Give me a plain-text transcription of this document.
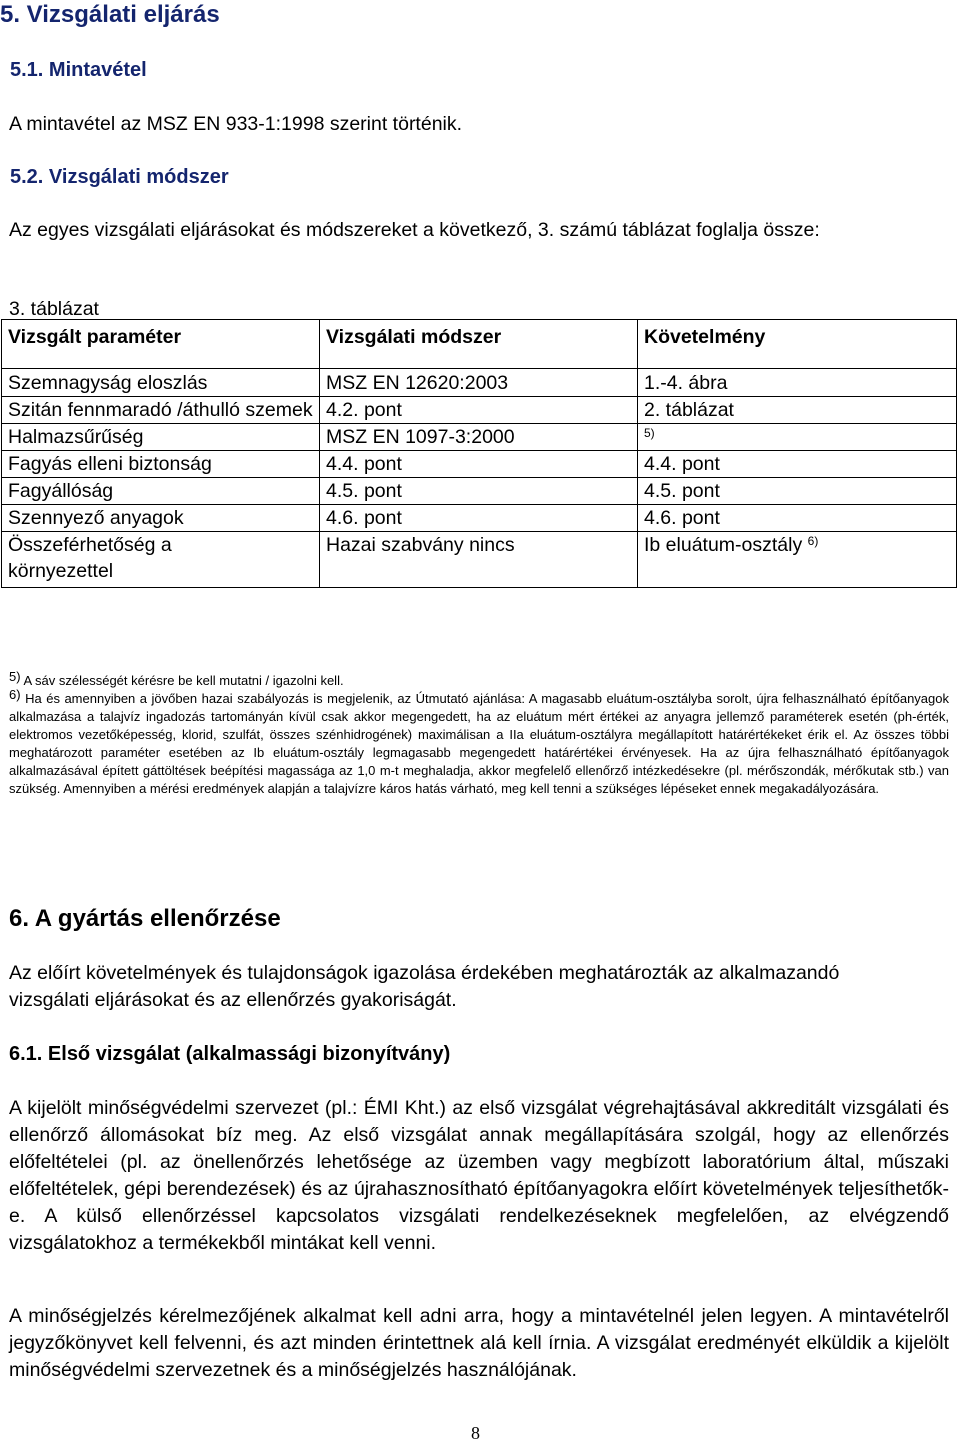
5. Vizsgálati eljárás
5.1. Mintavétel

A mintavétel az MSZ EN 933-1:1998 szerint történik.

5.2. Vizsgálati módszer

Az egyes vizsgálati eljárásokat és módszereket a következő, 3. számú táblázat foglalja össze:

3. táblázat

Vizsgált paraméter	Vizsgálati módszer	Követelmény
Szemnagyság eloszlás	MSZ EN 12620:2003	1.-4. ábra
Szitán fennmaradó /áthulló szemek	4.2. pont	2. táblázat
Halmazsűrűség	MSZ EN 1097-3:2000	$^{5)}$
Fagyás elleni biztonság	4.4. pont	4.4. pont
Fagyállóság	4.5. pont	4.5. pont
Szennyező anyagok	4.6. pont	4.6. pont
Összeférhetőség a környezettel	Hazai szabvány nincs	Ib eluátum-osztály $^{6)}$

$^{5)}$ A sáv szélességét kérésre be kell mutatni / igazolni kell.

$^{6)}$ Ha és amennyiben a jövőben hazai szabályozás is megjelenik, az Útmutató ajánlása: A magasabb eluátum-osztályba sorolt, újra felhasználható építőanyagok alkalmazása a talajvíz ingadozás tartományán kívül csak akkor megengedett, ha az eluátum mért értékei az anyagra jellemző paraméterek esetén (ph-érték, elektromos vezetőképesség, klorid, szulfát, összes szénhidrogének) maximálisan a IIa eluátum-osztályra megállapított határértékeket érik el. Az összes többi meghatározott paraméter esetében az Ib eluátum-osztály legmagasabb megengedett határértékei érvényesek. Ha az újra felhasználható építőanyagok alkalmazásával épített gáttöltések beépítési magassága az 1,0 m-t meghaladja, akkor megfelelő ellenőrző intézkedésekre (pl. mérőszondák, mérőkutak stb.) van szükség. Amennyiben a mérési eredmények alapján a talajvízre káros hatás várható, meg kell tenni a szükséges lépéseket ennek megakadályozására.

6. A gyártás ellenőrzése

Az előírt követelmények és tulajdonságok igazolása érdekében meghatározták az alkalmazandó vizsgálati eljárásokat és az ellenőrzés gyakoriságát.

6.1. Első vizsgálat (alkalmassági bizonyítvány)

A kijelölt minőségvédelmi szervezet (pl.: ÉMI Kht.) az első vizsgálat végrehajtásával akkreditált vizsgálati és ellenőrző állomásokat bíz meg. Az első vizsgálat annak megállapítására szolgál, hogy az ellenőrzés előfeltételei (pl. az önellenőrzés lehetősége az üzemben vagy megbízott laboratórium által, műszaki előfeltételek, gépi berendezések) és az újrahasznosítható építőanyagokra előírt követelmények teljesíthetők-e. A külső ellenőrzéssel kapcsolatos vizsgálati rendelkezéseknek megfelelően, az elvégzendő vizsgálatokhoz a termékekből mintákat kell venni.

A minőségjelzés kérelmezőjének alkalmat kell adni arra, hogy a mintavételnél jelen legyen. A mintavételről jegyzőkönyvet kell felvenni, és azt minden érintettnek alá kell írnia. A vizsgálat eredményét elküldik a kijelölt minőségvédelmi szervezetnek és a minőségjelzés használójának.

8
